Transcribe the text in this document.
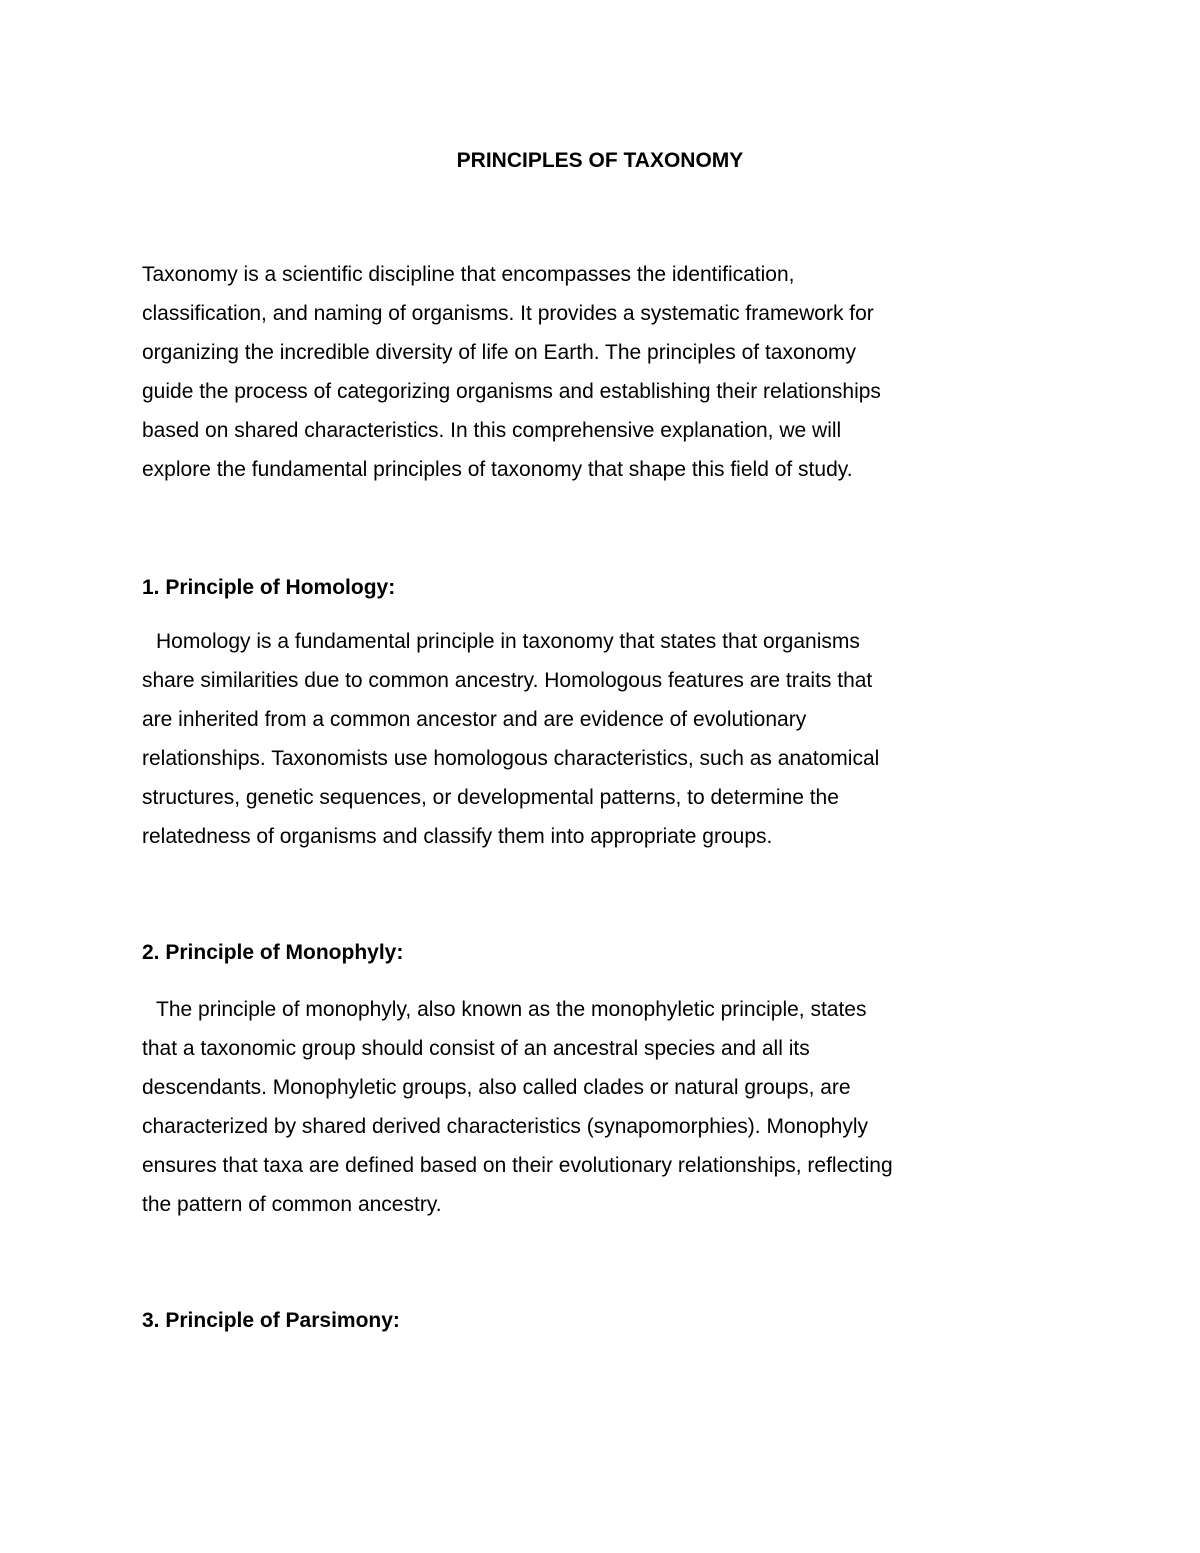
PRINCIPLES OF TAXONOMY
Taxonomy is a scientific discipline that encompasses the identification,
classification, and naming of organisms. It provides a systematic framework for
organizing the incredible diversity of life on Earth. The principles of taxonomy
guide the process of categorizing organisms and establishing their relationships
based on shared characteristics. In this comprehensive explanation, we will
explore the fundamental principles of taxonomy that shape this field of study.
1. Principle of Homology:
Homology is a fundamental principle in taxonomy that states that organisms
share similarities due to common ancestry. Homologous features are traits that
are inherited from a common ancestor and are evidence of evolutionary
relationships. Taxonomists use homologous characteristics, such as anatomical
structures, genetic sequences, or developmental patterns, to determine the
relatedness of organisms and classify them into appropriate groups.
2. Principle of Monophyly:
The principle of monophyly, also known as the monophyletic principle, states
that a taxonomic group should consist of an ancestral species and all its
descendants. Monophyletic groups, also called clades or natural groups, are
characterized by shared derived characteristics (synapomorphies). Monophyly
ensures that taxa are defined based on their evolutionary relationships, reflecting
the pattern of common ancestry.
3. Principle of Parsimony:
